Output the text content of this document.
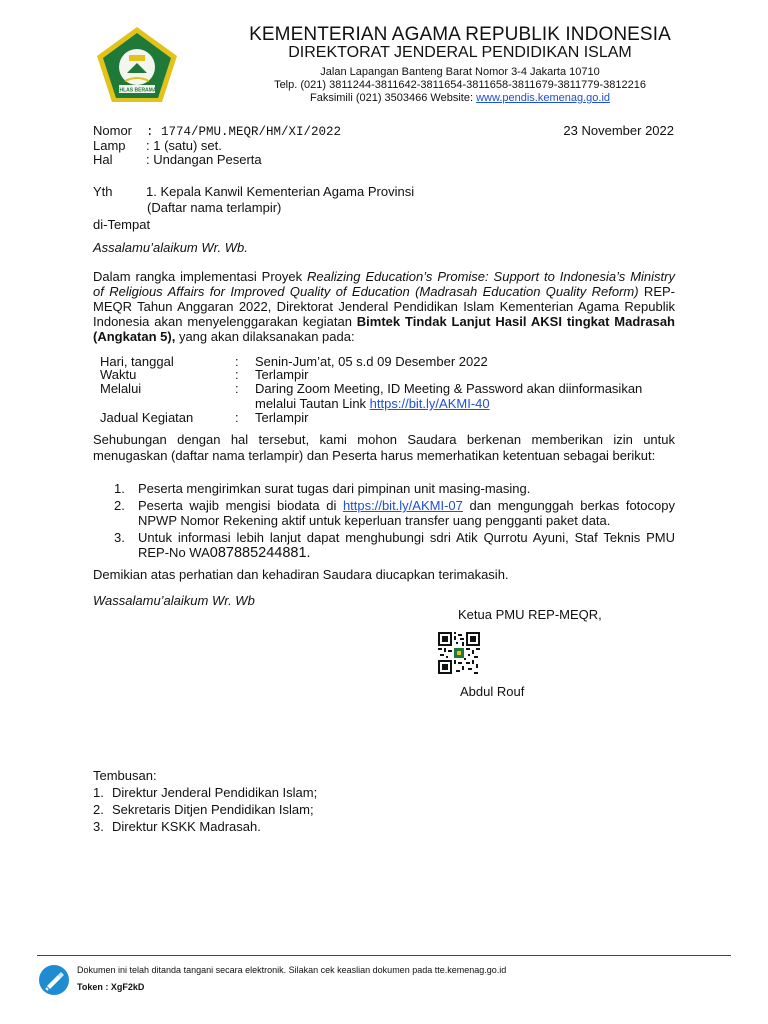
IKHLAS BERAMAL
KEMENTERIAN AGAMA REPUBLIK INDONESIA
DIREKTORAT JENDERAL PENDIDIKAN ISLAM
Jalan Lapangan Banteng Barat Nomor 3-4 Jakarta 10710
Telp. (021) 3811244-3811642-3811654-3811658-3811679-3811779-3812216
Faksimili (021) 3503466 Website: www.pendis.kemenag.go.id
Nomor : 1774/PMU.MEQR/HM/XI/2022
Lamp : 1 (satu) set.
Hal	: Undangan Peserta
23 November 2022
Yth	1. Kepala Kanwil Kementerian Agama Provinsi
(Daftar nama terlampir)
di-Tempat
Assalamu’alaikum Wr. Wb.
Dalam rangka implementasi Proyek Realizing Education’s Promise: Support to Indonesia’s Ministry of Religious Affairs for Improved Quality of Education (Madrasah Education Quality Reform) REP-MEQR Tahun Anggaran 2022, Direktorat Jenderal Pendidikan Islam Kementerian Agama Republik Indonesia akan menyelenggarakan kegiatan Bimtek Tindak Lanjut Hasil AKSI tingkat Madrasah (Angkatan 5), yang akan dilaksanakan pada:
Hari, tanggal	: Senin-Jum’at, 05 s.d 09 Desember 2022
Waktu	: Terlampir
Melalui	: Daring Zoom Meeting, ID Meeting & Password akan diinformasikan melalui Tautan Link https://bit.ly/AKMI-40
Jadual Kegiatan	: Terlampir
Sehubungan dengan hal tersebut, kami mohon Saudara berkenan memberikan izin untuk menugaskan (daftar nama terlampir) dan Peserta harus memerhatikan ketentuan sebagai berikut:
1. Peserta mengirimkan surat tugas dari pimpinan unit masing-masing.
2. Peserta wajib mengisi biodata di https://bit.ly/AKMI-07 dan mengunggah berkas fotocopy NPWP Nomor Rekening aktif untuk keperluan transfer uang pengganti paket data.
3. Untuk informasi lebih lanjut dapat menghubungi sdri Atik Qurrotu Ayuni, Staf Teknis PMU REP-No WA087885244881.
Demikian atas perhatian dan kehadiran Saudara diucapkan terimakasih.
Wassalamu’alaikum Wr. Wb
Ketua PMU REP-MEQR,
Abdul Rouf
Tembusan:
1. Direktur Jenderal Pendidikan Islam;
2. Sekretaris Ditjen Pendidikan Islam;
3. Direktur KSKK Madrasah.
Dokumen ini telah ditanda tangani secara elektronik. Silakan cek keaslian dokumen pada tte.kemenag.go.id
Token : XgF2kD
